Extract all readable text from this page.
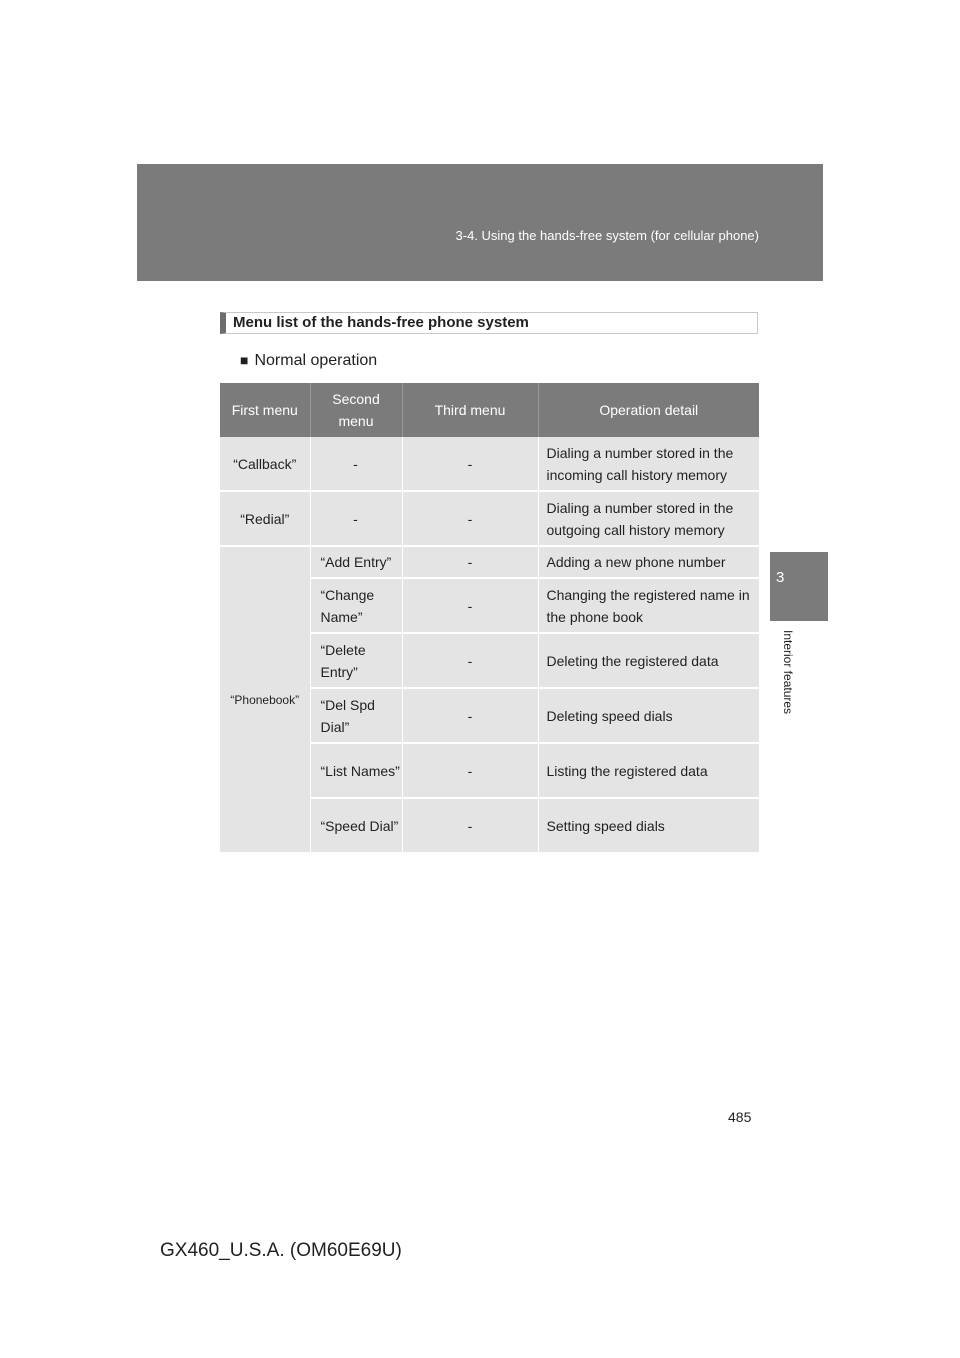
3-4. Using the hands-free system (for cellular phone)
3
Interior features
Menu list of the hands-free phone system
■ Normal operation
First menu	Second menu	Third menu	Operation detail
“Callback”	-	-	Dialing a number stored in the incoming call history memory
“Redial”	-	-	Dialing a number stored in the outgoing call history memory
“Phonebook”	“Add Entry”	-	Adding a new phone number
	“Change Name”	-	Changing the registered name in the phone book
	“Delete Entry”	-	Deleting the registered data
	“Del Spd Dial”	-	Deleting speed dials
	“List Names”	-	Listing the registered data
	“Speed Dial”	-	Setting speed dials
485
GX460_U.S.A. (OM60E69U)
